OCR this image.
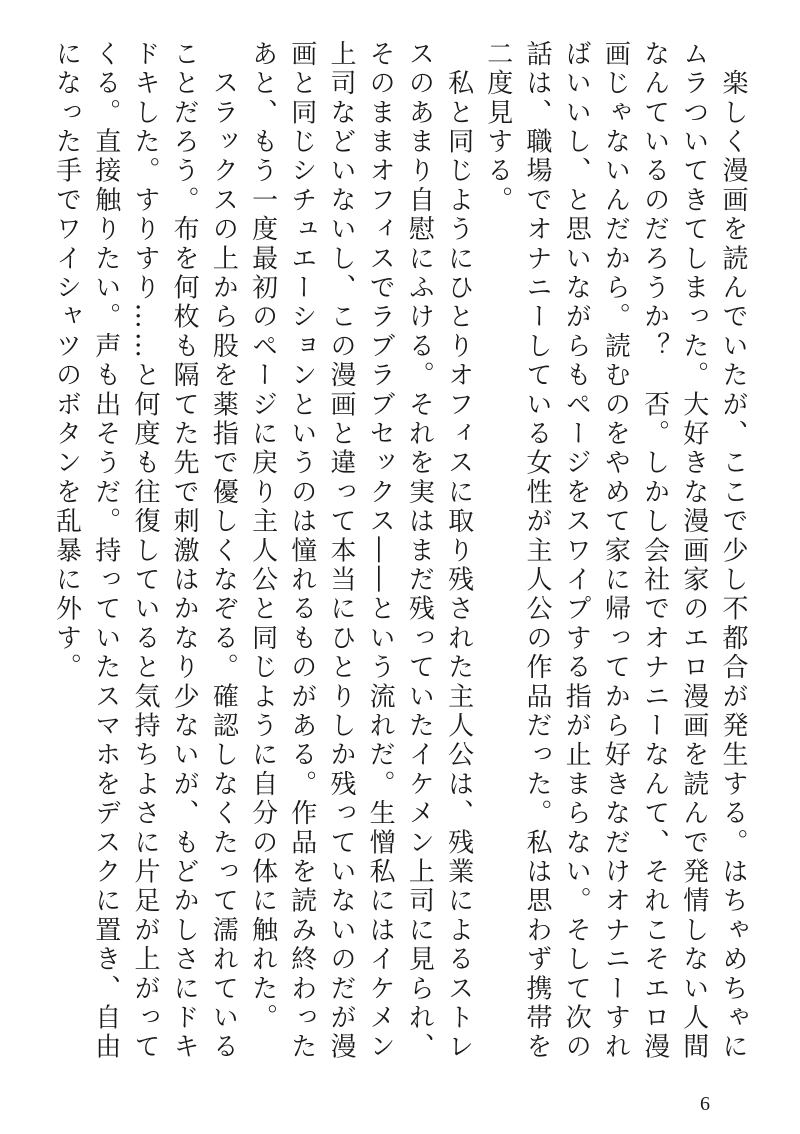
　楽しく漫画を読んでいたが、ここで少し不都合が発生する。はちゃめちゃにムラついてきてしまった。大好きな漫画家のエロ漫画を読んで発情しない人間なんているのだろうか？　否。しかし会社でオナニーなんて、それこそエロ漫画じゃないんだから。読むのをやめて家に帰ってから好きなだけオナニーすればいいし、と思いながらもページをスワイプする指が止まらない。そして次の話は、職場でオナニーしている女性が主人公の作品だった。私は思わず携帯を二度見する。

　私と同じようにひとりオフィスに取り残された主人公は、残業によるストレスのあまり自慰にふける。それを実はまだ残っていたイケメン上司に見られ、そのままオフィスでラブラブセックス――という流れだ。生憎私にはイケメン上司などいないし、この漫画と違って本当にひとりしか残っていないのだが漫画と同じシチュエーションというのは憧れるものがある。作品を読み終わったあと、もう一度最初のページに戻り主人公と同じように自分の体に触れた。

　スラックスの上から股を薬指で優しくなぞる。確認しなくたって濡れていることだろう。布を何枚も隔てた先で刺激はかなり少ないが、もどかしさにドキドキした。すりすり……と何度も往復していると気持ちよさに片足が上がってくる。直接触りたい。声も出そうだ。持っていたスマホをデスクに置き、自由になった手でワイシャツのボタンを乱暴に外す。

6
